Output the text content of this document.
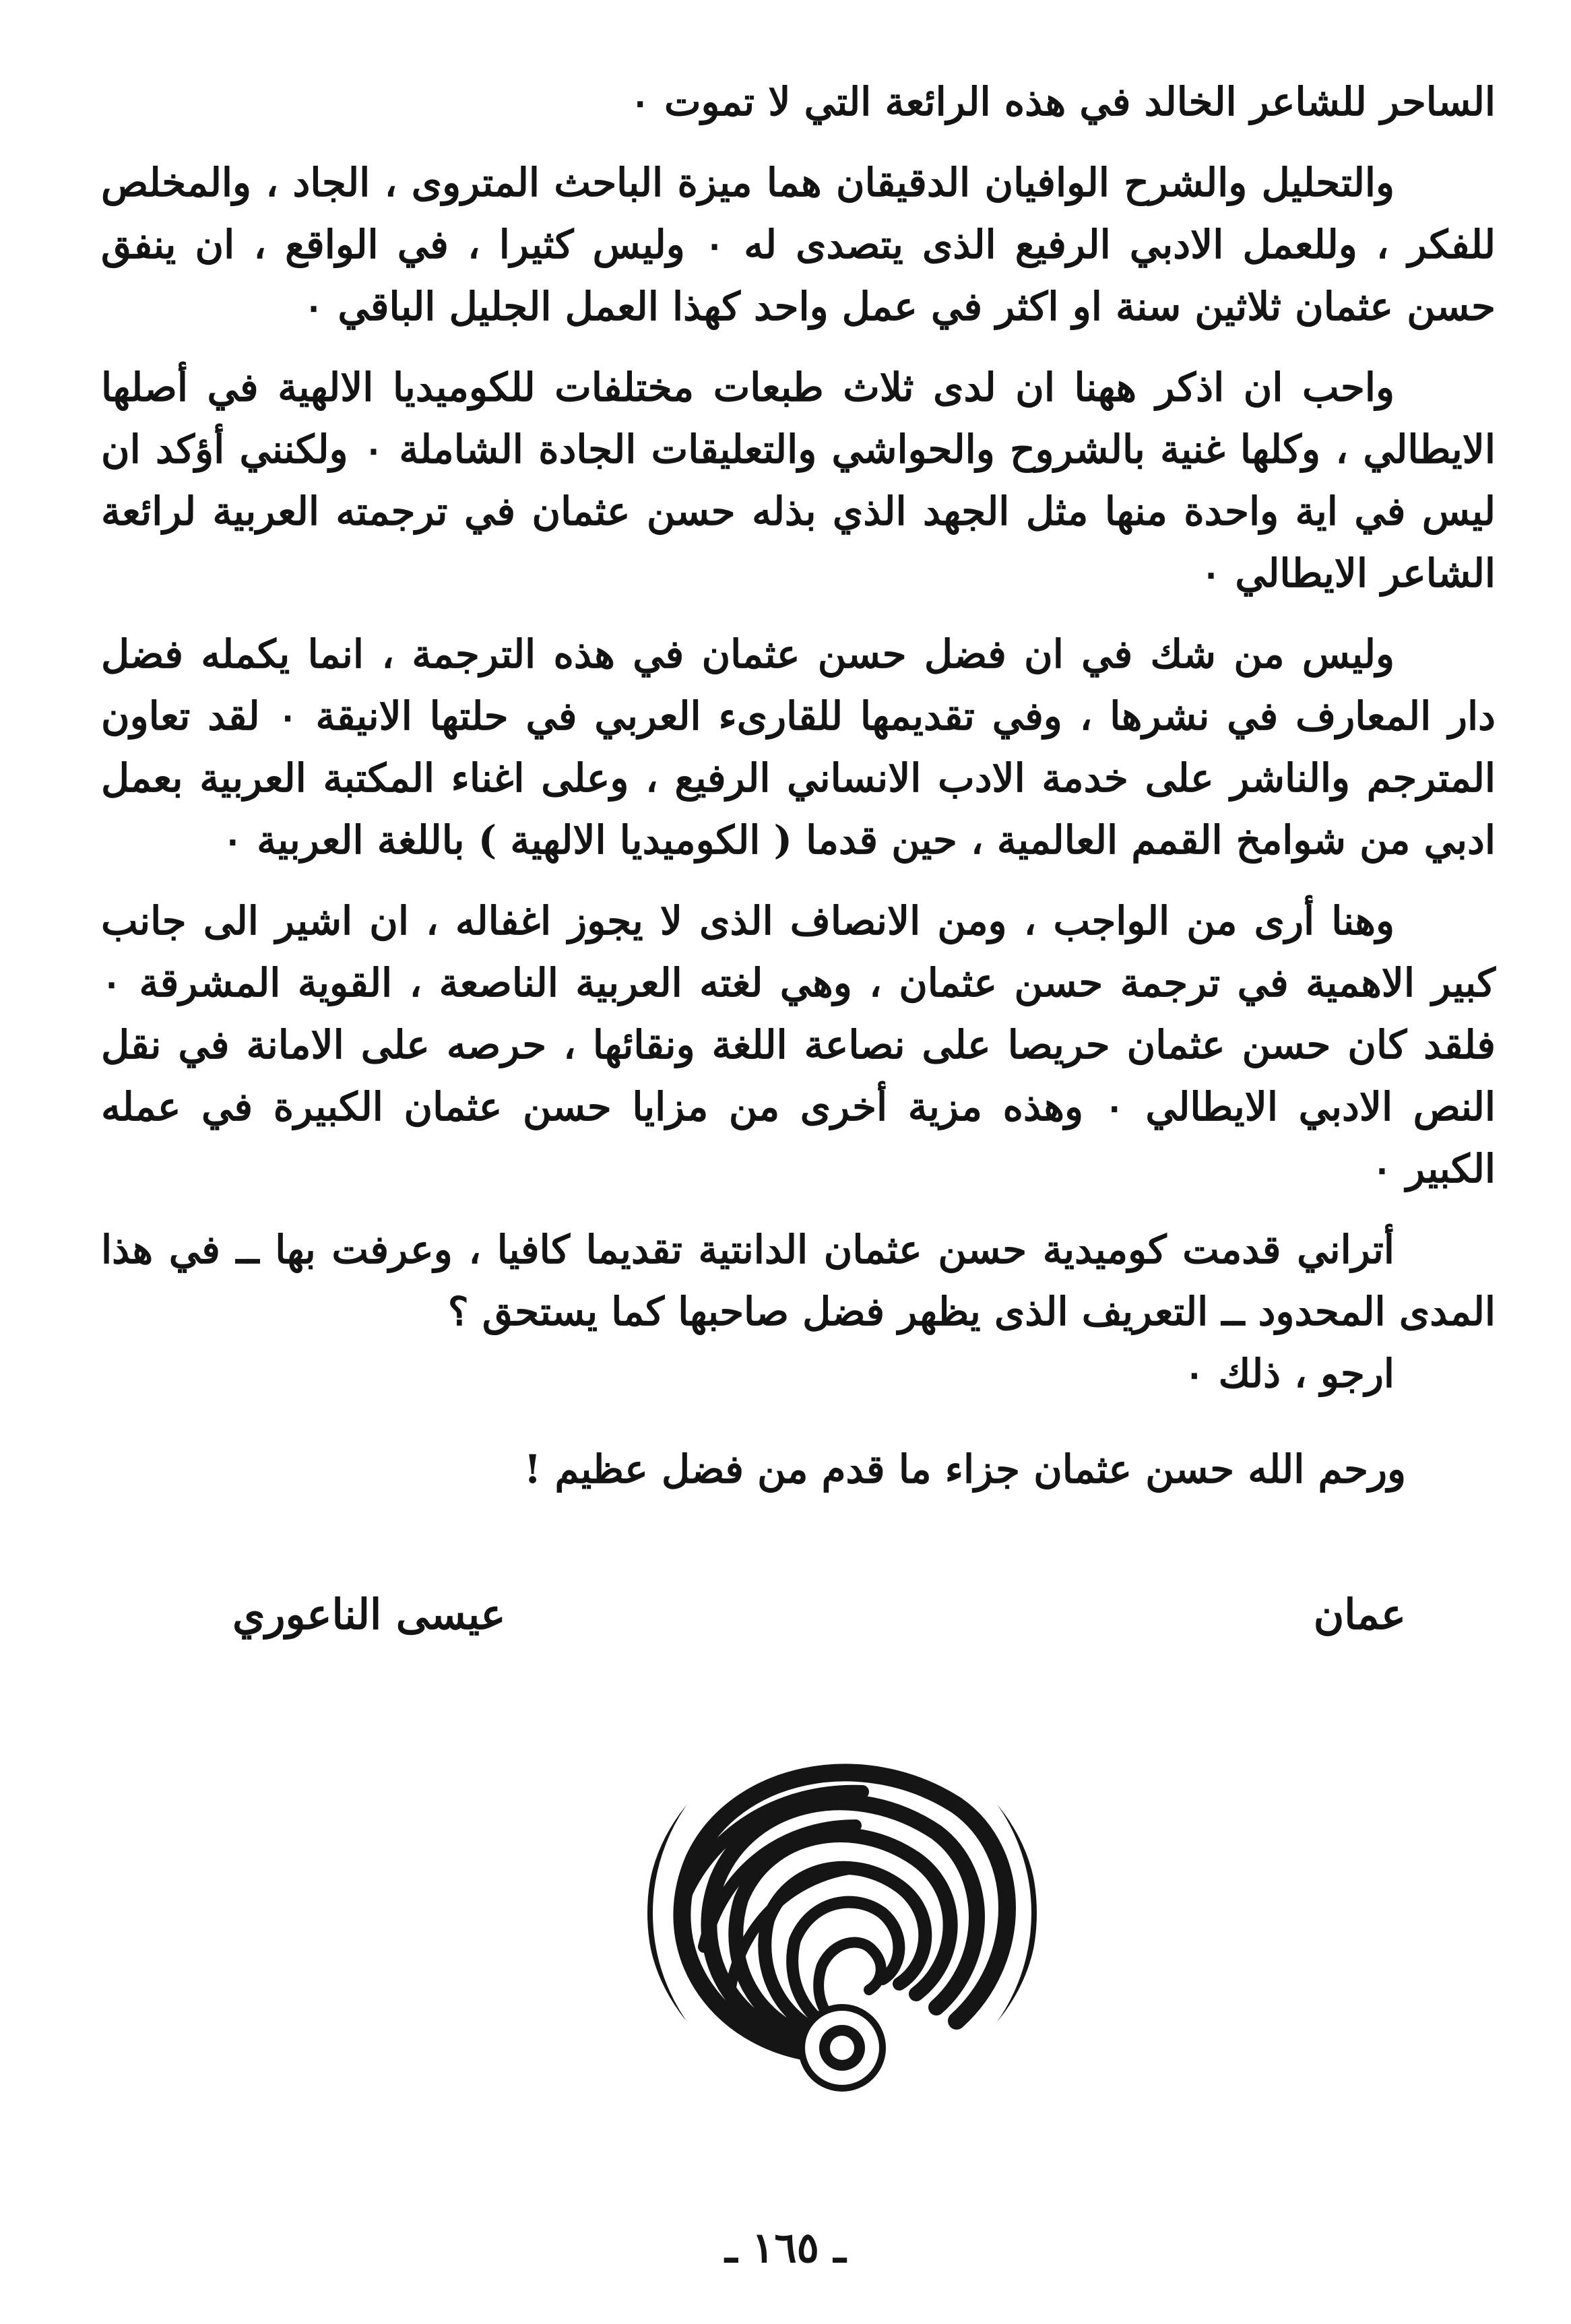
الساحر للشاعر الخالد في هذه الرائعة التي لا تموت ٠

والتحليل والشرح الوافيان الدقيقان هما ميزة الباحث المتروى ، الجاد ، والمخلص للفكر ، وللعمل الادبي الرفيع الذى يتصدى له ٠ وليس كثيرا ، في الواقع ، ان ينفق حسن عثمان ثلاثين سنة او اكثر في عمل واحد كهذا العمل الجليل الباقي ٠

واحب ان اذكر ههنا ان لدى ثلاث طبعات مختلفات للكوميديا الالهية في أصلها الايطالي ، وكلها غنية بالشروح والحواشي والتعليقات الجادة الشاملة ٠ ولكنني أؤكد ان ليس في اية واحدة منها مثل الجهد الذي بذله حسن عثمان في ترجمته العربية لرائعة الشاعر الايطالي ٠

وليس من شك في ان فضل حسن عثمان في هذه الترجمة ، انما يكمله فضل دار المعارف في نشرها ، وفي تقديمها للقارىء العربي في حلتها الانيقة ٠ لقد تعاون المترجم والناشر على خدمة الادب الانساني الرفيع ، وعلى اغناء المكتبة العربية بعمل ادبي من شوامخ القمم العالمية ، حين قدما ( الكوميديا الالهية ) باللغة العربية ٠

وهنا أرى من الواجب ، ومن الانصاف الذى لا يجوز اغفاله ، ان اشير الى جانب كبير الاهمية في ترجمة حسن عثمان ، وهي لغته العربية الناصعة ، القوية المشرقة ٠ فلقد كان حسن عثمان حريصا على نصاعة اللغة ونقائها ، حرصه على الامانة في نقل النص الادبي الايطالي ٠ وهذه مزية أخرى من مزايا حسن عثمان الكبيرة في عمله الكبير ٠

أتراني قدمت كوميدية حسن عثمان الدانتية تقديما كافيا ، وعرفت بها ــ في هذا المدى المحدود ــ التعريف الذى يظهر فضل صاحبها كما يستحق ؟

ارجو ، ذلك ٠

ورحم الله حسن عثمان جزاء ما قدم من فضل عظيم !

عمان
عيسى الناعوري
ـ ١٦٥ ـ
